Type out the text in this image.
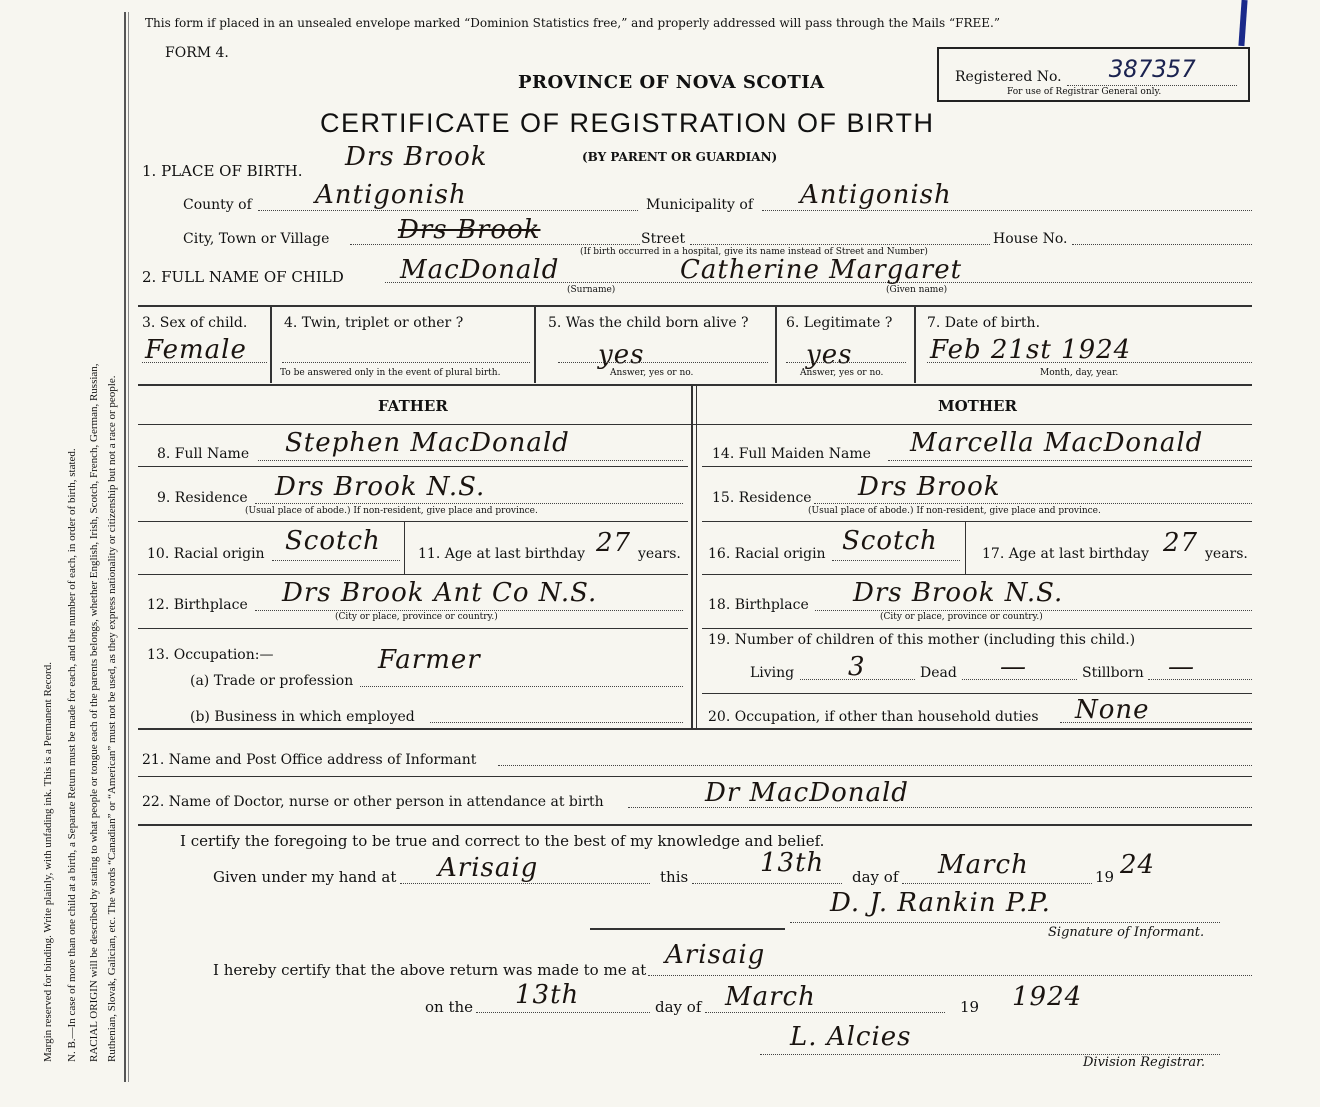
Margin reserved for binding. Write plainly, with unfading ink. This is a Permanent Record. N. B.—In case of more than one child at a birth, a Separate Return must be made for each, and the number of each, in order of birth, stated. RACIAL ORIGIN will be described by stating to what people or tongue each of the parents belongs, whether English, Irish, Scotch, French, German, Russian, Ruthenian, Slovak, Galician, etc. The words “Canadian” or “American” must not be used, as they express nationality or citizenship but not a race or people.
This form if placed in an unsealed envelope marked “Dominion Statistics free,” and properly addressed will pass through the Mails “FREE.”
FORM 4.
PROVINCE OF NOVA SCOTIA
CERTIFICATE OF REGISTRATION OF BIRTH
(BY PARENT OR GUARDIAN)
Registered No. 387357
For use of Registrar General only.
1. PLACE OF BIRTH. Drs Brook
County of Antigonish	Municipality of Antigonish
City, Town or Village	Drs Brook	Street	House No.
(If birth occurred in a hospital, give its name instead of Street and Number)
2. FULL NAME OF CHILD MacDonald	Catherine Margaret
(Surname)	(Given name)
3. Sex of child.
Female
4. Twin, triplet or other ?
To be answered only in the event of plural birth.
5. Was the child born alive ?
yes
Answer, yes or no.
6. Legitimate ?
yes
Answer, yes or no.
7. Date of birth.
Feb 21st 1924
Month, day, year.
FATHER	MOTHER
8. Full Name Stephen MacDonald
9. Residence Drs Brook N.S.
(Usual place of abode.) If non-resident, give place and province.
10. Racial origin Scotch	11. Age at last birthday 27 years.
12. Birthplace Drs Brook Ant Co N.S.
(City or place, province or country.)
13. Occupation:—	Farmer
(a) Trade or profession
(b) Business in which employed
14. Full Maiden Name Marcella MacDonald
15. Residence Drs Brook
(Usual place of abode.) If non-resident, give place and province.
16. Racial origin Scotch	17. Age at last birthday 27 years.
18. Birthplace Drs Brook N.S.
(City or place, province or country.)
19. Number of children of this mother (including this child.)
Living 3	Dead —	Stillborn —
20. Occupation, if other than household duties None
21. Name and Post Office address of Informant
22. Name of Doctor, nurse or other person in attendance at birth	Dr MacDonald
I certify the foregoing to be true and correct to the best of my knowledge and belief.
Given under my hand at Arisaig	this	13th day of March	19 24
D. J. Rankin P.P.
Signature of Informant.
I hereby certify that the above return was made to me at Arisaig
on the 13th	day of March	19 1924
L. Alcies
Division Registrar.
